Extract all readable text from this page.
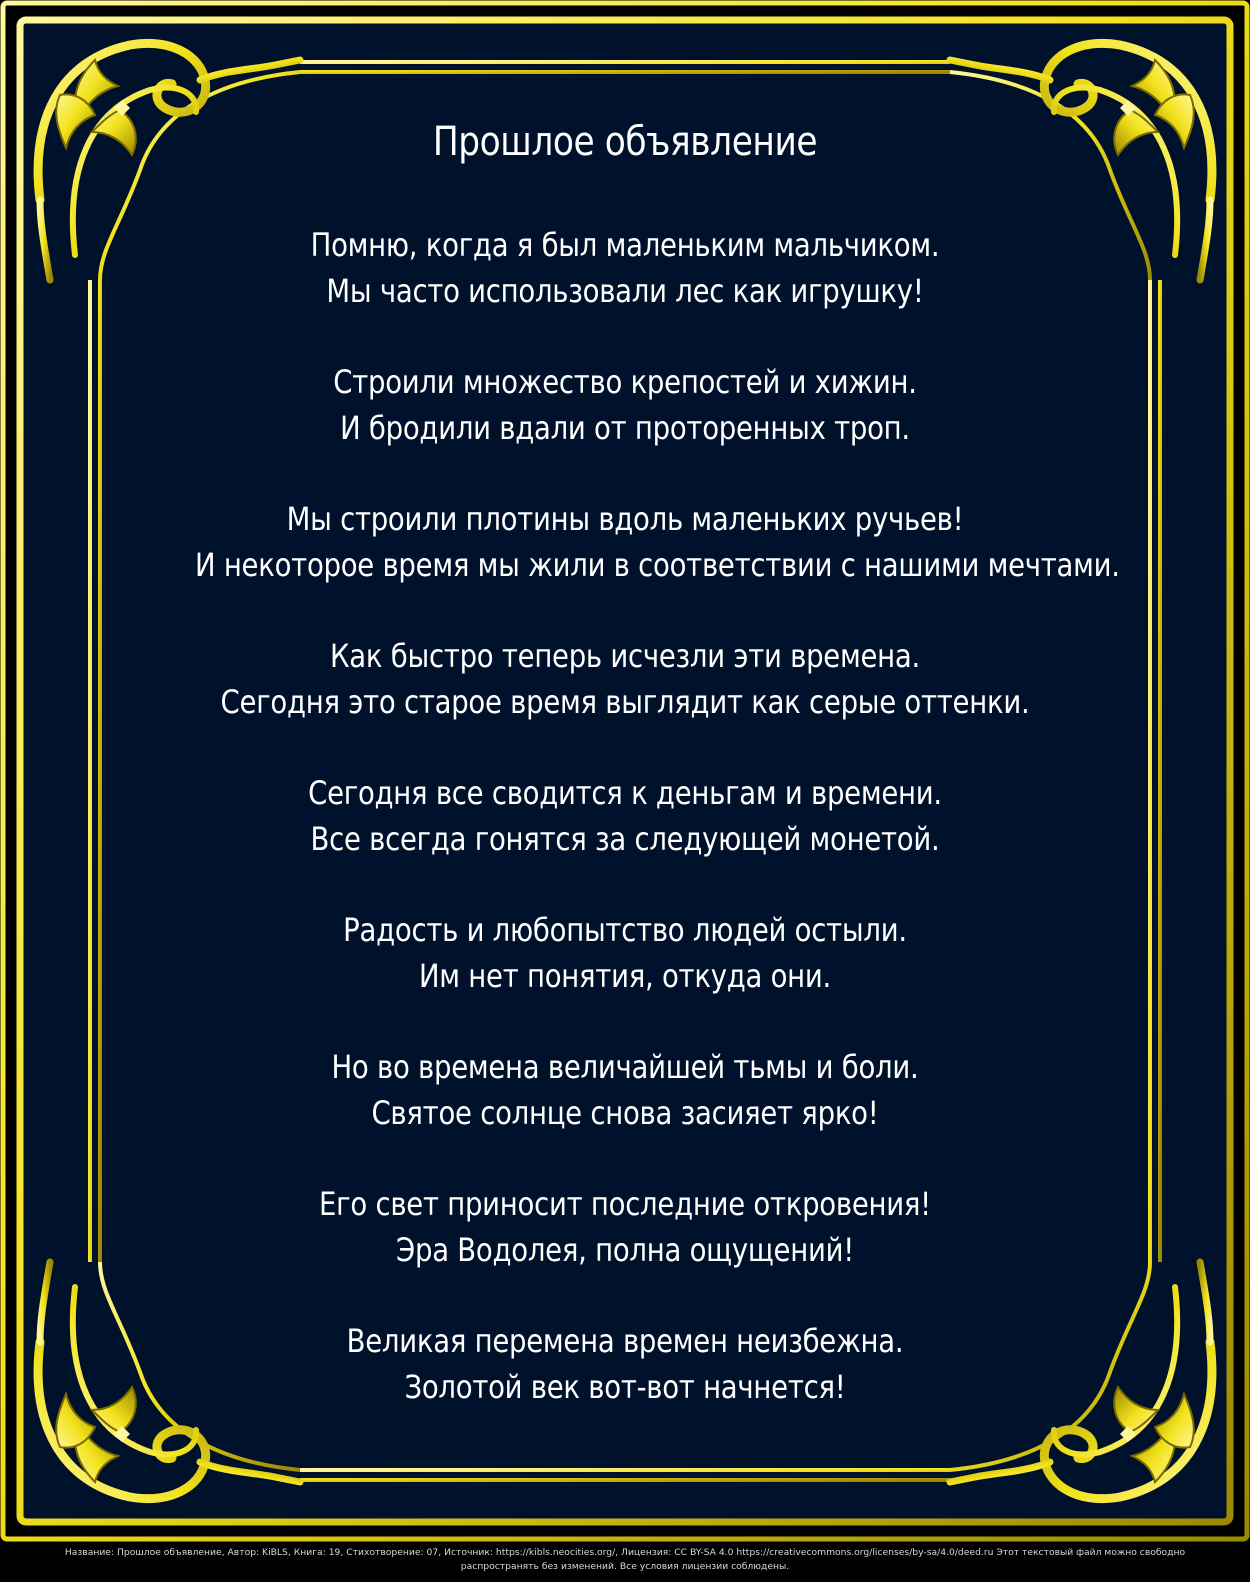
Прошлое объявление
Помню, когда я был маленьким мальчиком.
Мы часто использовали лес как игрушку!
Строили множество крепостей и хижин.
И бродили вдали от проторенных троп.
Мы строили плотины вдоль маленьких ручьев!
И некоторое время мы жили в соответствии с нашими мечтами.
Как быстро теперь исчезли эти времена.
Сегодня это старое время выглядит как серые оттенки.
Сегодня все сводится к деньгам и времени.
Все всегда гонятся за следующей монетой.
Радость и любопытство людей остыли.
Им нет понятия, откуда они.
Но во времена величайшей тьмы и боли.
Святое солнце снова засияет ярко!
Его свет приносит последние откровения!
Эра Водолея, полна ощущений!
Великая перемена времен неизбежна.
Золотой век вот-вот начнется!
Название: Прошлое объявление, Автор: KiBLS, Книга: 19, Стихотворение: 07, Источник: https://kibls.neocities.org/, Лицензия: CC BY-SA 4.0 https://creativecommons.org/licenses/by-sa/4.0/deed.ru Этот текстовый файл можно свободно
распространять без изменений. Все условия лицензии соблюдены.
